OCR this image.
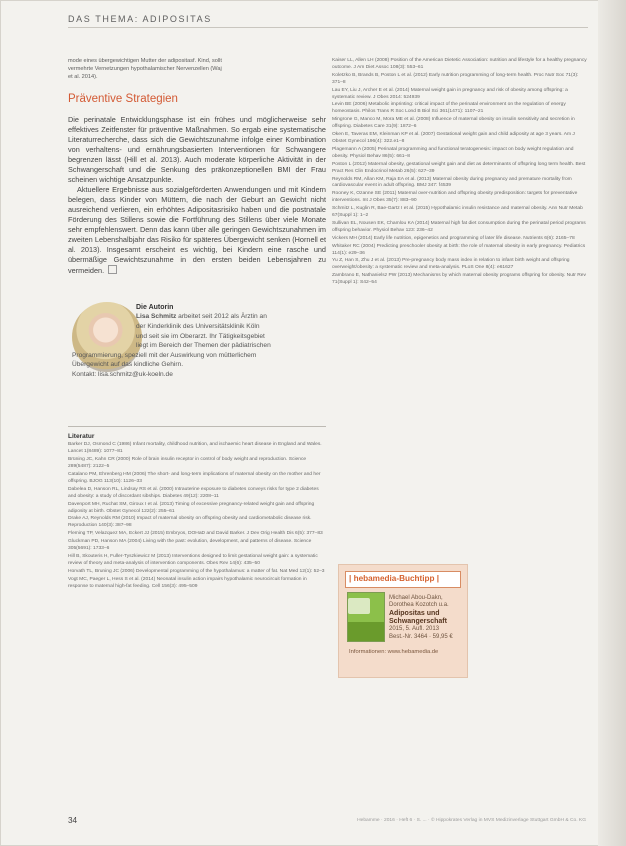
DAS THEMA: ADIPOSITAS
mode eines übergewichtigen Mutter der adipositasf. Kind, sollt
vermehrte Vernetzungen hypothalamischer Nervenzellen (Waj
et al. 2014).
Präventive Strategien

Die perinatale Entwicklungsphase ist ein frühes und möglicherweise sehr effektives Zeitfenster für präventive Maßnahmen. So ergab eine systematische Literaturrecherche, dass sich die Gewichtszunahme infolge einer Kombination von verhaltens- und ernährungsbasierten Interventionen für Schwangere begrenzen lässt (Hill et al. 2013). Auch moderate körperliche Aktivität in der Schwangerschaft und die Senkung des präkonzeptionellen BMI der Frau scheinen wichtige Ansatzpunkte.

Aktuellere Ergebnisse aus sozialgeförderten Anwendungen und mit Kindern belegen, dass Kinder von Müttern, die nach der Geburt an Gewicht nicht ausreichend verlieren, ein erhöhtes Adipositasrisiko haben und die postnatale Förderung des Stillens sowie die Fortführung des Stillens über viele Monate sehr empfehlenswert. Denn das kann über alle geringen Gewichtszunahmen im zweiten Lebenshalbjahr das Risiko für späteres Übergewicht senken (Hornell et al. 2013). Insgesamt erscheint es wichtig, bei Kindern eine rasche und übermäßige Gewichtszunahme in den ersten beiden Lebensjahren zu vermeiden.

Die Autorin
Lisa Schmitz arbeitet seit 2012 als Ärztin an
der Kinderklinik des Universitätsklinik Köln
und seit sie im Oberarzt. Ihr Tätigkeitsgebiet
liegt im Bereich der Themen der pädiatrischen
Programmierung, speziell mit der Auswirkung von mütterlichem
Übergewicht auf das kindliche Gehirn.
Kontakt: lisa.schmitz@uk-koeln.de
Literatur

Barker DJ, Osmond C (1986) Infant mortality, childhood nutrition, and ischaemic heart disease in England and Wales. Lancet 1(8489): 1077–81

Brüning JC, Kahn CR (2000) Role of brain insulin receptor in control of body weight and reproduction. Science 289(5487): 2122–5

Catalano PM, Ehrenberg HM (2006) The short- and long-term implications of maternal obesity on the mother and her offspring. BJOG 113(10): 1126–33

Dabelea D, Hanson RL, Lindsay RS et al. (2000) Intrauterine exposure to diabetes conveys risks for type 2 diabetes and obesity: a study of discordant sibships. Diabetes 49(12): 2208–11

Davenport MH, Ruchat SM, Giroux I et al. (2013) Timing of excessive pregnancy-related weight gain and offspring adiposity at birth. Obstet Gynecol 122(2): 255–61

Drake AJ, Reynolds RM (2010) Impact of maternal obesity on offspring obesity and cardiometabolic disease risk. Reproduction 140(3): 387–98

Fleming TP, Velazquez MA, Eckert JJ (2015) Embryos, DOHaD and David Barker. J Dev Orig Health Dis 6(5): 377–83

Gluckman PD, Hanson MA (2004) Living with the past: evolution, development, and patterns of disease. Science 305(5691): 1733–6

Hill B, Skouteris H, Fuller-Tyszkiewicz M (2013) Interventions designed to limit gestational weight gain: a systematic review of theory and meta-analysis of intervention components. Obes Rev 14(6): 435–50

Horvath TL, Bruning JC (2006) Developmental programming of the hypothalamus: a matter of fat. Nat Med 12(1): 52–3

Vogt MC, Paeger L, Hess S et al. (2014) Neonatal insulin action impairs hypothalamic neurocircuit formation in response to maternal high-fat feeding. Cell 156(3): 495–509

Kaiser LL, Allen LH (2008) Position of the American Dietetic Association: nutrition and lifestyle for a healthy pregnancy outcome. J Am Diet Assoc 108(3): 553–61

Koletzko B, Brands B, Poston L et al. (2012) Early nutrition programming of long-term health. Proc Nutr Soc 71(3): 371–8

Lau EY, Liu J, Archer E et al. (2014) Maternal weight gain in pregnancy and risk of obesity among offspring: a systematic review. J Obes 2014: 524939

Levin BE (2006) Metabolic imprinting: critical impact of the perinatal environment on the regulation of energy homeostasis. Philos Trans R Soc Lond B Biol Sci 361(1471): 1107–21

Mingrone G, Manco M, Mora ME et al. (2008) Influence of maternal obesity on insulin sensitivity and secretion in offspring. Diabetes Care 31(9): 1872–6

Oken E, Taveras EM, Kleinman KP et al. (2007) Gestational weight gain and child adiposity at age 3 years. Am J Obstet Gynecol 196(4): 322.e1–8

Plagemann A (2005) Perinatal programming and functional teratogenesis: impact on body weight regulation and obesity. Physiol Behav 86(5): 661–8

Poston L (2012) Maternal obesity, gestational weight gain and diet as determinants of offspring long term health. Best Pract Res Clin Endocrinol Metab 26(5): 627–39

Reynolds RM, Allan KM, Raja EA et al. (2013) Maternal obesity during pregnancy and premature mortality from cardiovascular event in adult offspring. BMJ 347: f4539

Rooney K, Ozanne SE (2011) Maternal over-nutrition and offspring obesity predisposition: targets for preventative interventions. Int J Obes 35(7): 883–90

Schmitz L, Kuglin R, Bae-Gartz I et al. (2015) Hypothalamic insulin resistance and maternal obesity. Ann Nutr Metab 67(Suppl 1): 1–2

Sullivan EL, Nousen EK, Chamlou KA (2014) Maternal high fat diet consumption during the perinatal period programs offspring behavior. Physiol Behav 123: 236–42

Vickers MH (2014) Early life nutrition, epigenetics and programming of later life disease. Nutrients 6(6): 2165–78

Whitaker RC (2004) Predicting preschooler obesity at birth: the role of maternal obesity in early pregnancy. Pediatrics 114(1): e29–36

Yu Z, Han S, Zhu J et al. (2013) Pre-pregnancy body mass index in relation to infant birth weight and offspring overweight/obesity: a systematic review and meta-analysis. PLoS One 8(4): e61627

Zambrano E, Nathanielsz PW (2013) Mechanisms by which maternal obesity programs offspring for obesity. Nutr Rev 71(Suppl 1): S42–54

| hebamedia-Buchtipp |
Michael Abou-Dakn, Dorothea Kozotch u.a.
Adipositas und
Schwangerschaft
2015, 5. Aufl. 2013
Best.-Nr. 3464 · 59,95 €
Informationen: www.hebamedia.de
34	Hebamme · 2016 · Heft 6 · S. ... · © Hippokrates Verlag in MVS Medizinverlage Stuttgart GmbH & Co. KG
